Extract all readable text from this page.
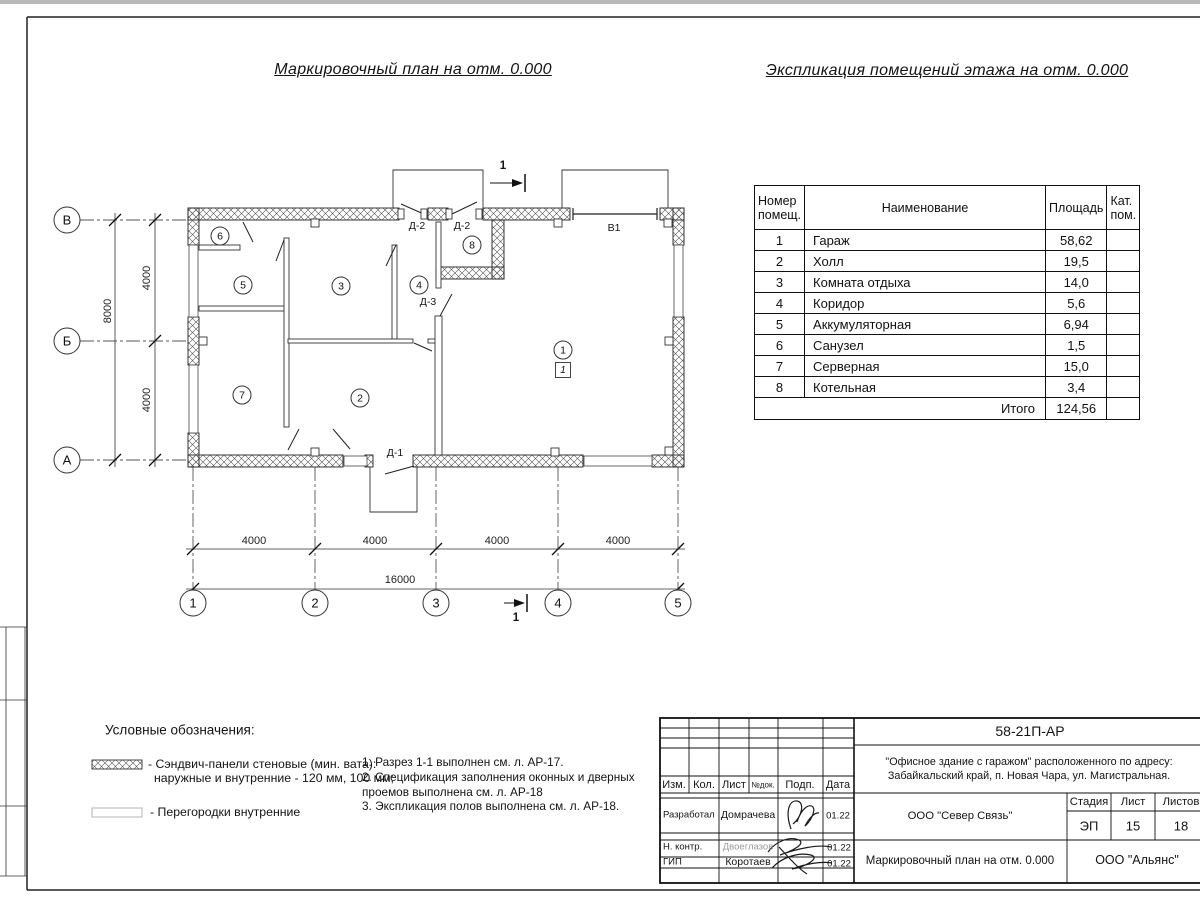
Маркировочный план на отм. 0.000	Экспликация помещений этажа на отм. 0.000
В
Б
А
1	2	3	4	5
6
5	3	4
8
7	2
1
1
Д-2	Д-2
Д-3
Д-1
В1
1
1
4000	4000	4000	4000
16000
4000
4000
8000
Номер помещ.	Наименование	Площадь	Кат. пом.
1	Гараж	58,62	
2	Холл	19,5	
3	Комната отдыха	14,0	
4	Коридор	5,6	
5	Аккумуляторная	6,94	
6	Санузел	1,5	
7	Серверная	15,0	
8	Котельная	3,4	
Итого		124,56	
Условные обозначения:
- Сэндвич-панели стеновые (мин. вата):
наружные и внутренние - 120 мм, 100 мм;
- Перегородки внутренние
1. Разрез 1-1 выполнен см. л. АР-17.
2. Спецификация заполнения оконных и дверных
проемов выполнена см. л. АР-18
3. Экспликация полов выполнена см. л. АР-18.
Изм. Кол. Лист №док. Подп. Дата
Разработал Домрачева	01.22
Н. контр. Двоеглазов	01.22
ГИП	Коротаев	01.22
58-21П-АР
"Офисное здание с гаражом" расположенного по адресу:
Забайкальский край, п. Новая Чара, ул. Магистральная.
ООО "Север Связь"
Стадия Лист Листов
ЭП 15	18
Маркировочный план на отм. 0.000	ООО "Альянс"
